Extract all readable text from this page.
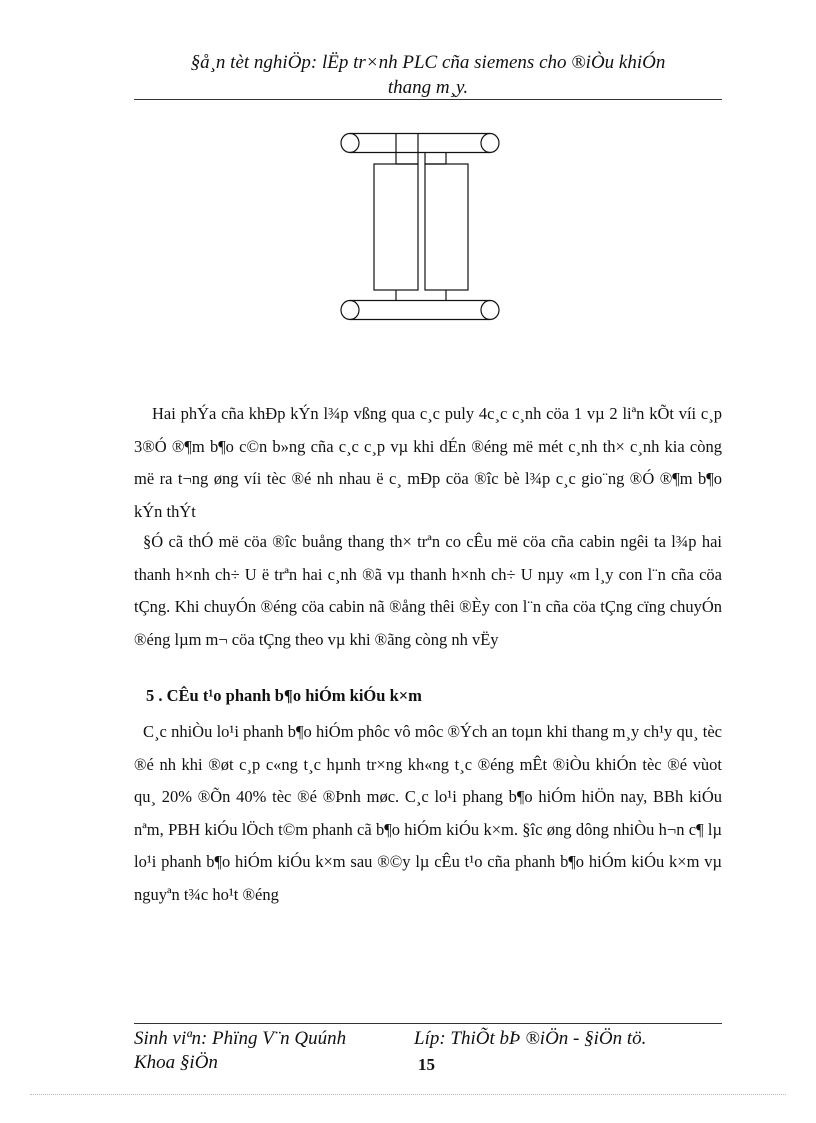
§å¸n tèt nghiÖp: lËp tr×nh PLC cña siemens cho ®iÒu khiÓn
thang m¸y.

Hai phÝa cña khÐp kÝn l¾p vßng qua c¸c puly 4c¸c c¸nh cöa 1 vµ 2 liªn kÕt víi c¸p 3®Ó ®¶m b¶o c©n b»ng cña c¸c c¸p vµ khi dÉn ®éng më mét c¸nh th× c¸nh kia còng më ra t¬ng øng víi tèc ®é nh nhau ë c¸ mÐp cöa ®îc bè l¾p c¸c gio¨ng ®Ó ®¶m b¶o kÝn thÝt

§Ó cã thÓ më cöa ®îc buång thang th× trªn co cÊu më cöa cña cabin ngêi ta l¾p hai thanh h×nh ch÷ U ë trªn hai c¸nh ®ã vµ thanh h×nh ch÷ U nµy «m l¸y con l¨n cña cöa tÇng. Khi chuyÓn ®éng cöa cabin nã ®ång thêi ®Èy con l¨n cña cöa tÇng cïng chuyÓn ®éng lµm m¬ cöa tÇng theo vµ khi ®ãng còng nh vËy

5 . CÊu t¹o phanh b¶o hiÓm kiÓu k×m

C¸c nhiÒu lo¹i phanh b¶o hiÓm phôc vô môc ®Ých an toµn khi thang m¸y ch¹y qu¸ tèc ®é nh khi ®øt c¸p c«ng t¸c hµnh tr×ng kh«ng t¸c ®éng mÊt ®iÒu khiÓn tèc ®é vùot qu¸ 20% ®Õn 40% tèc ®é ®Þnh møc. C¸c lo¹i phang b¶o hiÓm hiÖn nay, BBh kiÓu nªm, PBH kiÓu lÖch t©m phanh cã b¶o hiÓm kiÓu k×m. §îc øng dông nhiÒu h¬n c¶ lµ lo¹i phanh b¶o hiÓm kiÓu k×m sau ®©y lµ cÊu t¹o cña phanh b¶o hiÓm kiÓu k×m vµ nguyªn t¾c ho¹t ®éng

Sinh viªn: Phïng V¨n Quúnh
Khoa §iÖn
Líp: ThiÕt bÞ ®iÖn - §iÖn tö.
15
